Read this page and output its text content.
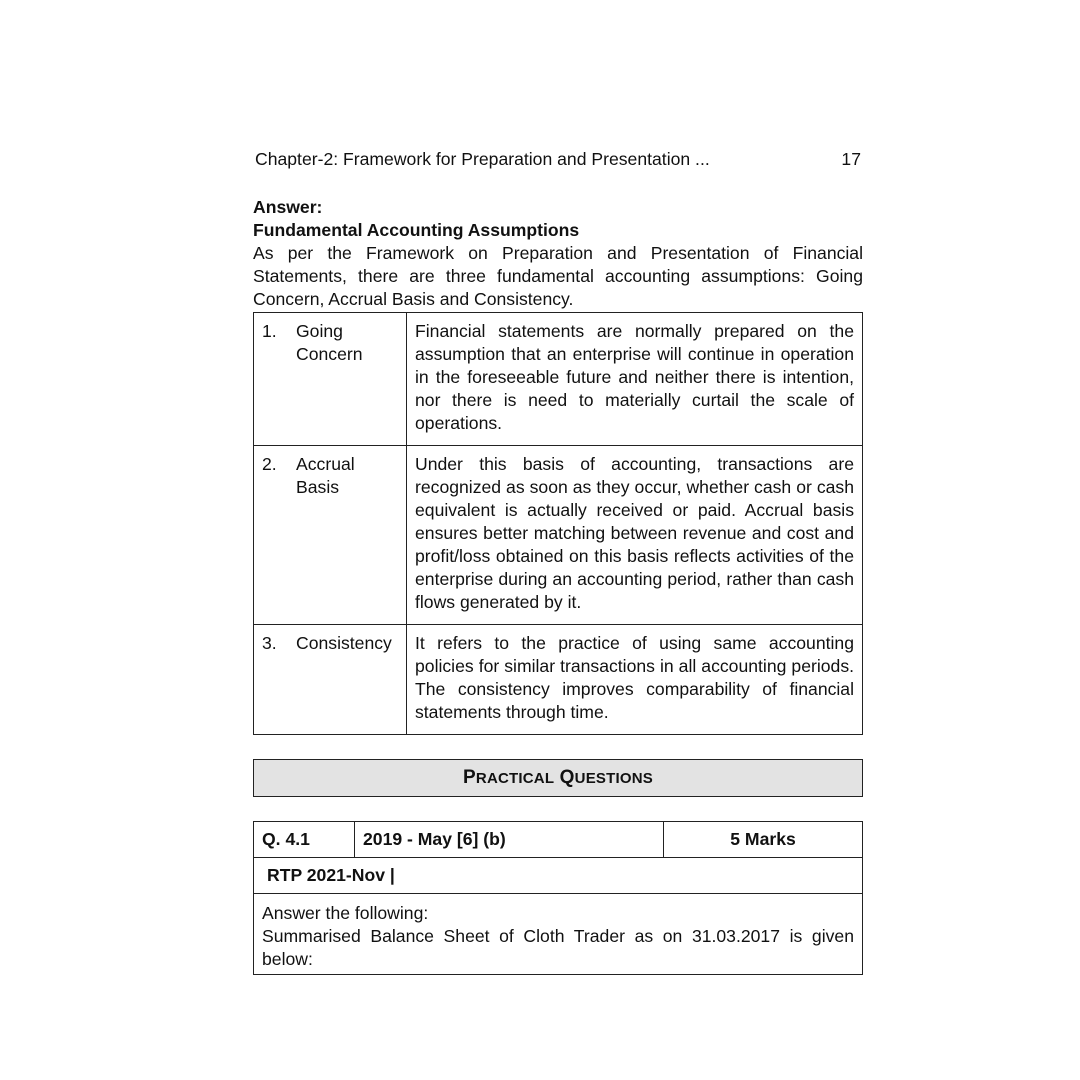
Chapter-2: Framework for Preparation and Presentation ...	17
Answer:
Fundamental Accounting Assumptions
As per the Framework on Preparation and Presentation of Financial Statements, there are three fundamental accounting assumptions: Going Concern, Accrual Basis and Consistency.
1. Going Concern	Financial statements are normally prepared on the assumption that an enterprise will continue in operation in the foreseeable future and neither there is intention, nor there is need to materially curtail the scale of operations.

2. Accrual Basis	Under this basis of accounting, transactions are recognized as soon as they occur, whether cash or cash equivalent is actually received or paid. Accrual basis ensures better matching between revenue and cost and profit/loss obtained on this basis reflects activities of the enterprise during an accounting period, rather than cash flows generated by it.

3. Consistency	It refers to the practice of using same accounting policies for similar transactions in all accounting periods. The consistency improves comparability of financial statements through time.
PRACTICAL QUESTIONS
Q. 4.1	2019 - May [6] (b)	5 Marks
RTP 2021-Nov |

Answer the following:
Summarised Balance Sheet of Cloth Trader as on 31.03.2017 is given below:
